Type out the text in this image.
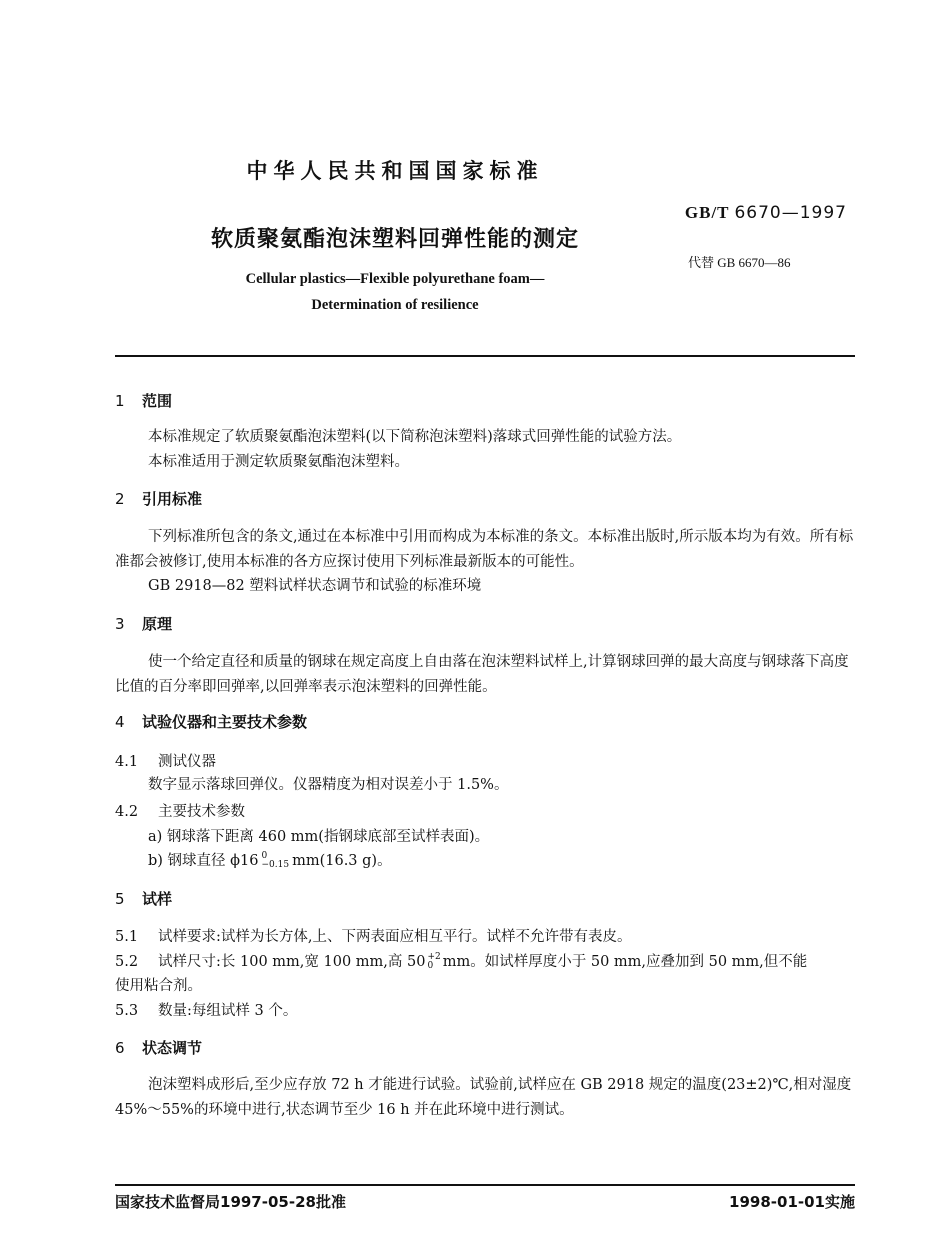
中华人民共和国国家标准
GB/T 6670—1997
软质聚氨酯泡沫塑料回弹性能的测定
代替 GB 6670—86
Cellular plastics—Flexible polyurethane foam—
Determination of resilience
1 范围
本标准规定了软质聚氨酯泡沫塑料(以下简称泡沫塑料)落球式回弹性能的试验方法。
本标准适用于测定软质聚氨酯泡沫塑料。
2 引用标准
下列标准所包含的条文,通过在本标准中引用而构成为本标准的条文。本标准出版时,所示版本均为有效。所有标准都会被修订,使用本标准的各方应探讨使用下列标准最新版本的可能性。
GB 2918—82 塑料试样状态调节和试验的标准环境
3 原理
使一个给定直径和质量的钢球在规定高度上自由落在泡沫塑料试样上,计算钢球回弹的最大高度与钢球落下高度比值的百分率即回弹率,以回弹率表示泡沫塑料的回弹性能。
4 试验仪器和主要技术参数
4.1 测试仪器
数字显示落球回弹仪。仪器精度为相对误差小于 1.5%。
4.2 主要技术参数
a) 钢球落下距离 460 mm(指钢球底部至试样表面)。
b) 钢球直径 ϕ16 0
−0.15 mm(16.3 g)。
5 试样
5.1 试样要求:试样为长方体,上、下两表面应相互平行。试样不允许带有表皮。
5.2 试样尺寸:长 100 mm,宽 100 mm,高 50 +2
0 mm。如试样厚度小于 50 mm,应叠加到 50 mm,但不能
使用粘合剂。
5.3 数量:每组试样 3 个。
6 状态调节
泡沫塑料成形后,至少应存放 72 h 才能进行试验。试验前,试样应在 GB 2918 规定的温度(23±2)℃,相对湿度 45%～55%的环境中进行,状态调节至少 16 h 并在此环境中进行测试。
国家技术监督局1997-05-28批准	1998-01-01实施
